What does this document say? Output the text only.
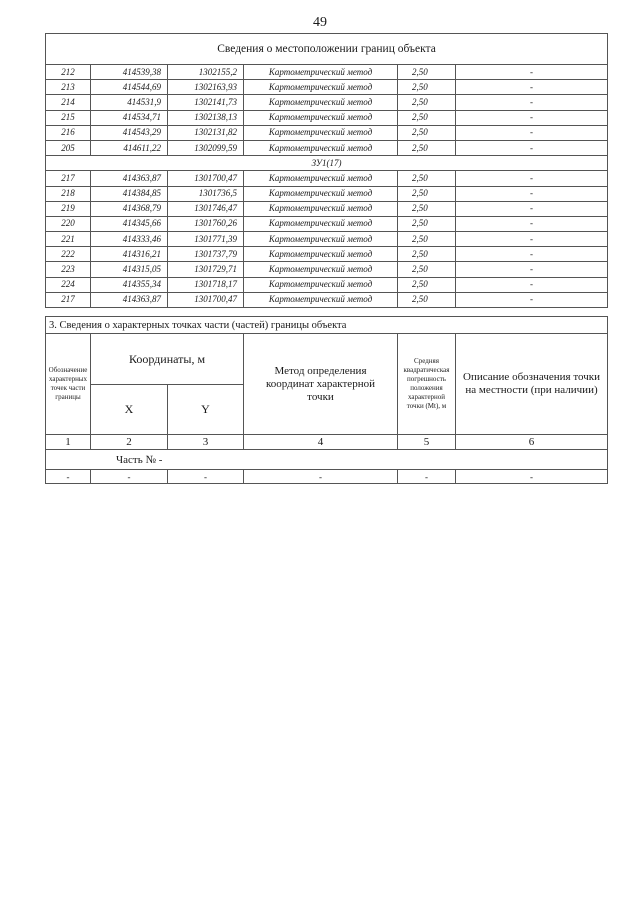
49
Сведения о местоположении границ объекта					
212	414539,38	1302155,2	Картометрический метод	2,50	-
213	414544,69	1302163,93	Картометрический метод	2,50	-
214	414531,9	1302141,73	Картометрический метод	2,50	-
215	414534,71	1302138,13	Картометрический метод	2,50	-
216	414543,29	1302131,82	Картометрический метод	2,50	-
205	414611,22	1302099,59	Картометрический метод	2,50	-
ЗУ1(17)					
217	414363,87	1301700,47	Картометрический метод	2,50	-
218	414384,85	1301736,5	Картометрический метод	2,50	-
219	414368,79	1301746,47	Картометрический метод	2,50	-
220	414345,66	1301760,26	Картометрический метод	2,50	-
221	414333,46	1301771,39	Картометрический метод	2,50	-
222	414316,21	1301737,79	Картометрический метод	2,50	-
223	414315,05	1301729,71	Картометрический метод	2,50	-
224	414355,34	1301718,17	Картометрический метод	2,50	-
217	414363,87	1301700,47	Картометрический метод	2,50	-
3. Сведения о характерных точках части (частей) границы объекта					
Обозначение характерных точек части границы	Координаты, м		Метод определения координат характерной точки	Средняя квадратическая погрешность положения характерной точки (Mt), м	Описание обозначения точки на местности (при наличии)
	X	Y			
1	2	3	4	5	6
Часть № -					
-	-	-	-	-	-
